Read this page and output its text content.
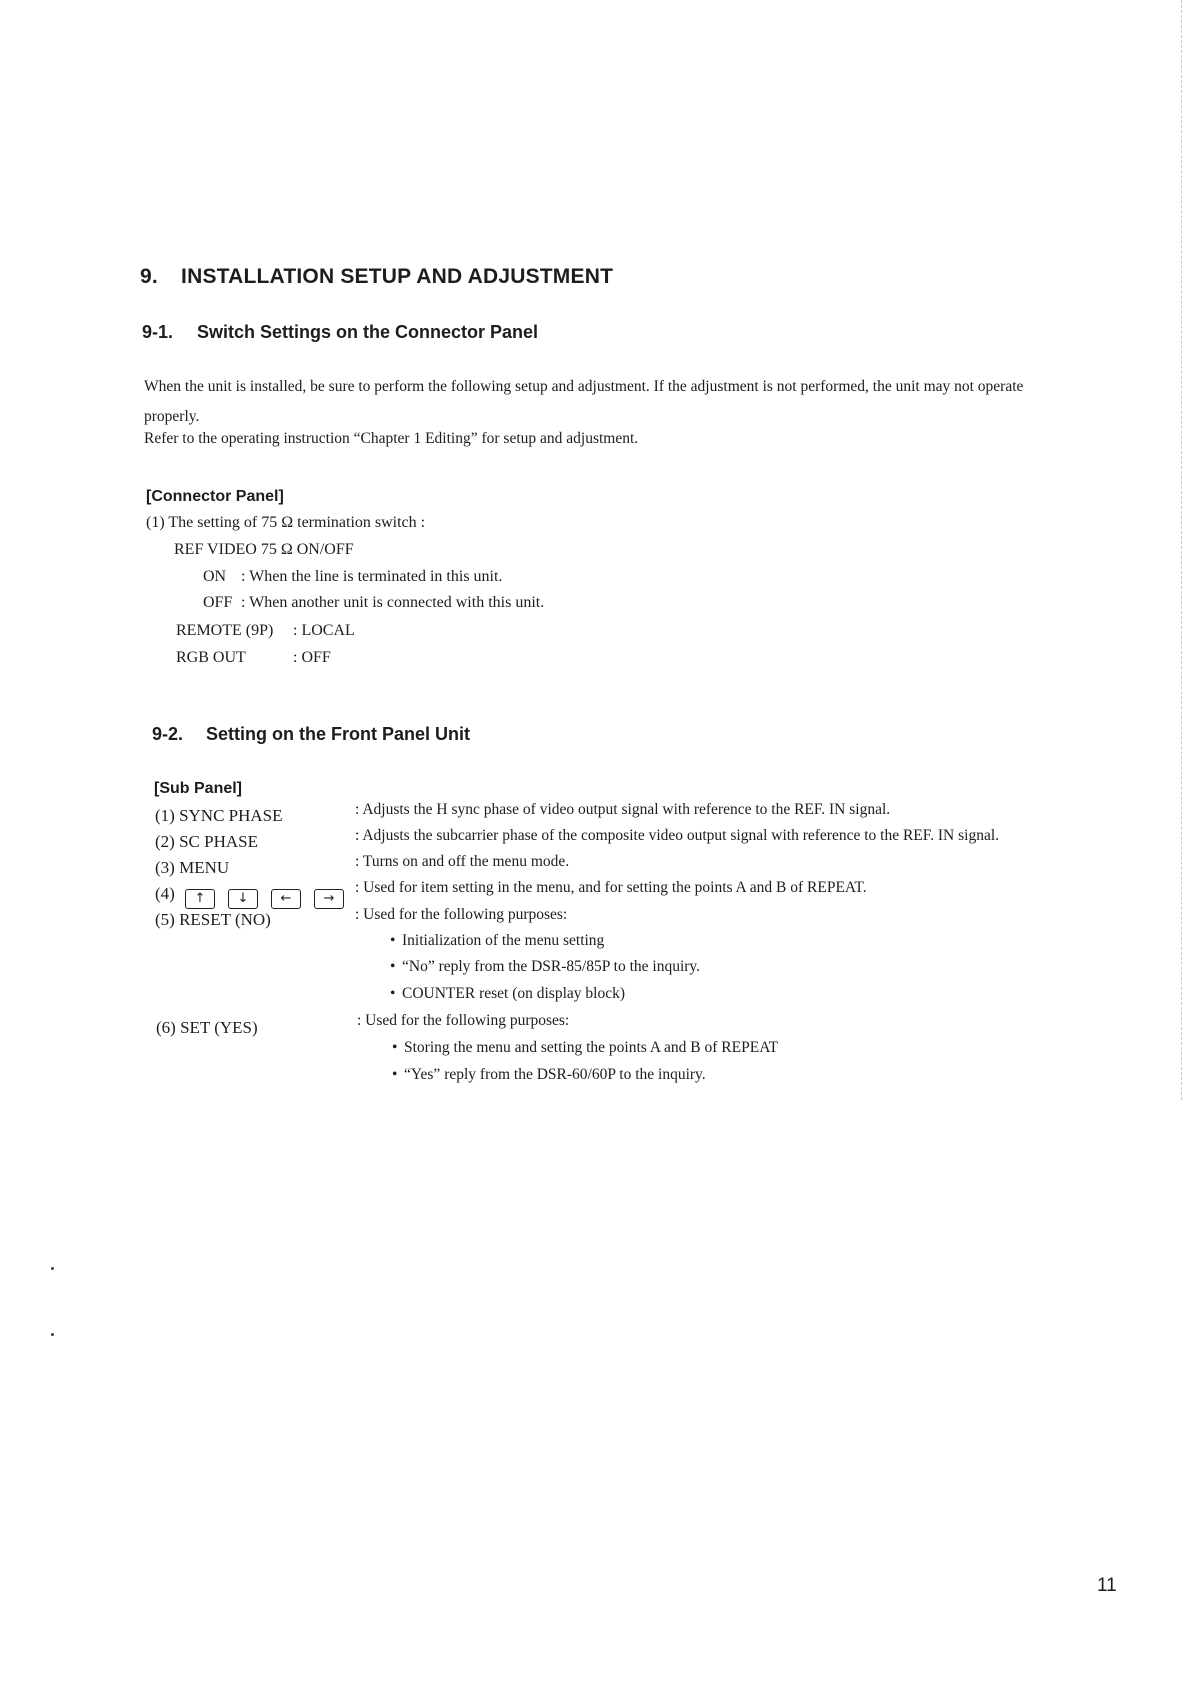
9. INSTALLATION SETUP AND ADJUSTMENT
9-1. Switch Settings on the Connector Panel
When the unit is installed, be sure to perform the following setup and adjustment. If the adjustment is not performed, the unit may not operate
properly.
Refer to the operating instruction “Chapter 1 Editing” for setup and adjustment.
[Connector Panel]
(1) The setting of 75 Ω termination switch :
REF VIDEO 75 Ω ON/OFF
ON : When the line is terminated in this unit.
OFF : When another unit is connected with this unit.
REMOTE (9P) : LOCAL
RGB OUT	: OFF
9-2. Setting on the Front Panel Unit
[Sub Panel]
(1) SYNC PHASE
(2) SC PHASE
(3) MENU
(4) ↑ ↓ ← →
(5) RESET (NO)
(6) SET (YES)
: Adjusts the H sync phase of video output signal with reference to the REF. IN signal.
: Adjusts the subcarrier phase of the composite video output signal with reference to the REF. IN signal.
: Turns on and off the menu mode.
: Used for item setting in the menu, and for setting the points A and B of REPEAT.
: Used for the following purposes:
• Initialization of the menu setting
• “No” reply from the DSR-85/85P to the inquiry.
• COUNTER reset (on display block)
: Used for the following purposes:
• Storing the menu and setting the points A and B of REPEAT
• “Yes” reply from the DSR-60/60P to the inquiry.
11
